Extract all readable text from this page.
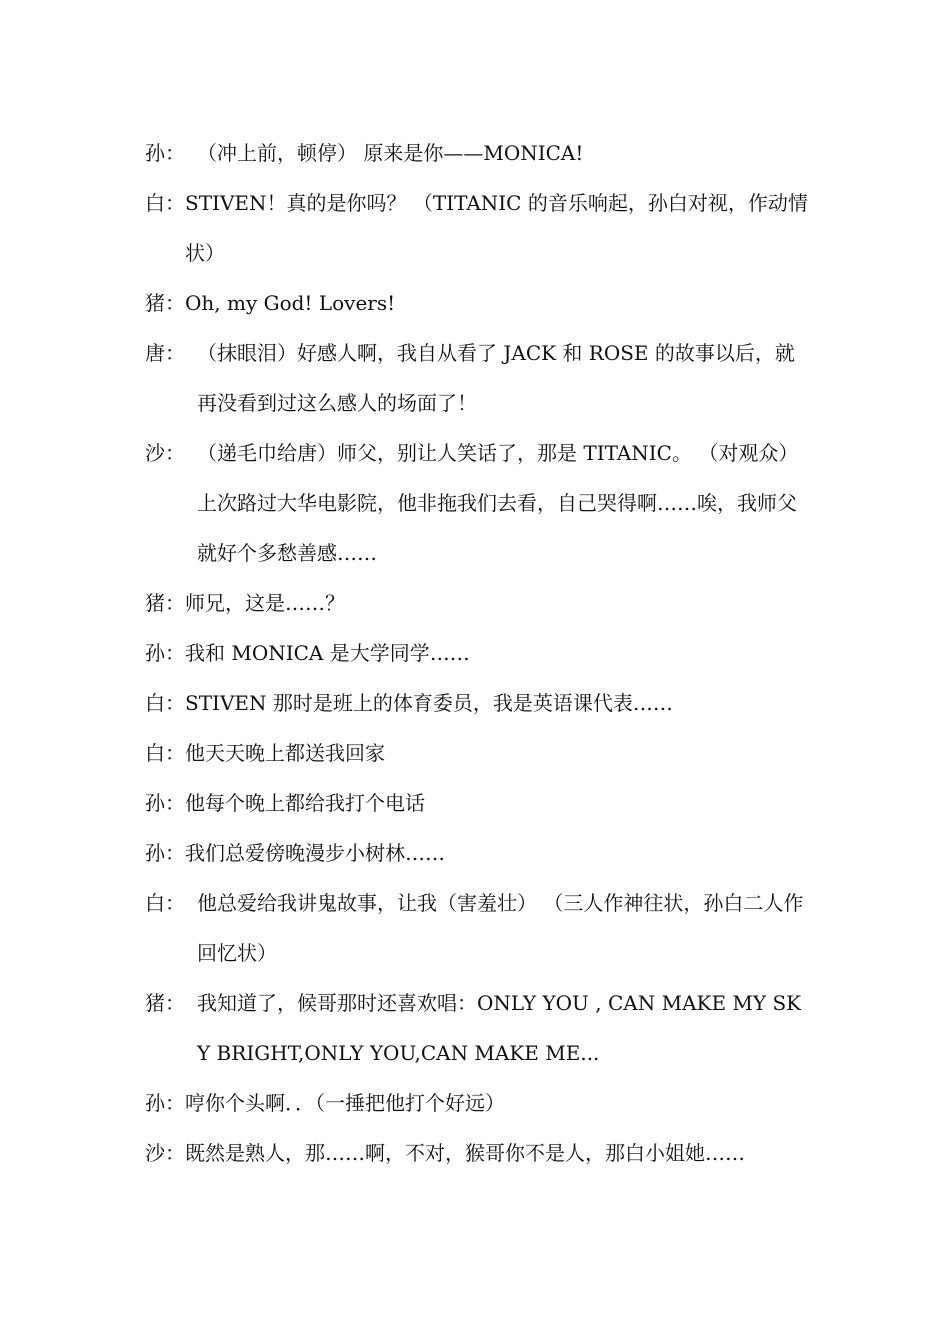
孙： （冲上前，顿停） 原来是你——MONICA!
白： STIVEN！真的是你吗？ （TITANIC 的音乐响起，孙白对视，作动情状）
猪： Oh, my God! Lovers!
唐： （抹眼泪）好感人啊，我自从看了 JACK 和 ROSE 的故事以后，就再没看到过这么感人的场面了！
沙： （递毛巾给唐）师父，别让人笑话了，那是 TITANIC。 （对观众） 上次路过大华电影院，他非拖我们去看，自己哭得啊……唉，我师父就好个多愁善感……
猪： 师兄，这是……？
孙： 我和 MONICA 是大学同学……
白： STIVEN 那时是班上的体育委员，我是英语课代表……
白： 他天天晚上都送我回家
孙： 他每个晚上都给我打个电话
孙： 我们总爱傍晚漫步小树林……
白： 他总爱给我讲鬼故事，让我（害羞壮） （三人作神往状，孙白二人作回忆状）
猪： 我知道了，候哥那时还喜欢唱：ONLY YOU , CAN MAKE MY SKY BRIGHT,ONLY YOU,CAN MAKE ME...
孙： 哼你个头啊．．（一捶把他打个好远）
沙： 既然是熟人，那……啊，不对，猴哥你不是人，那白小姐她……
